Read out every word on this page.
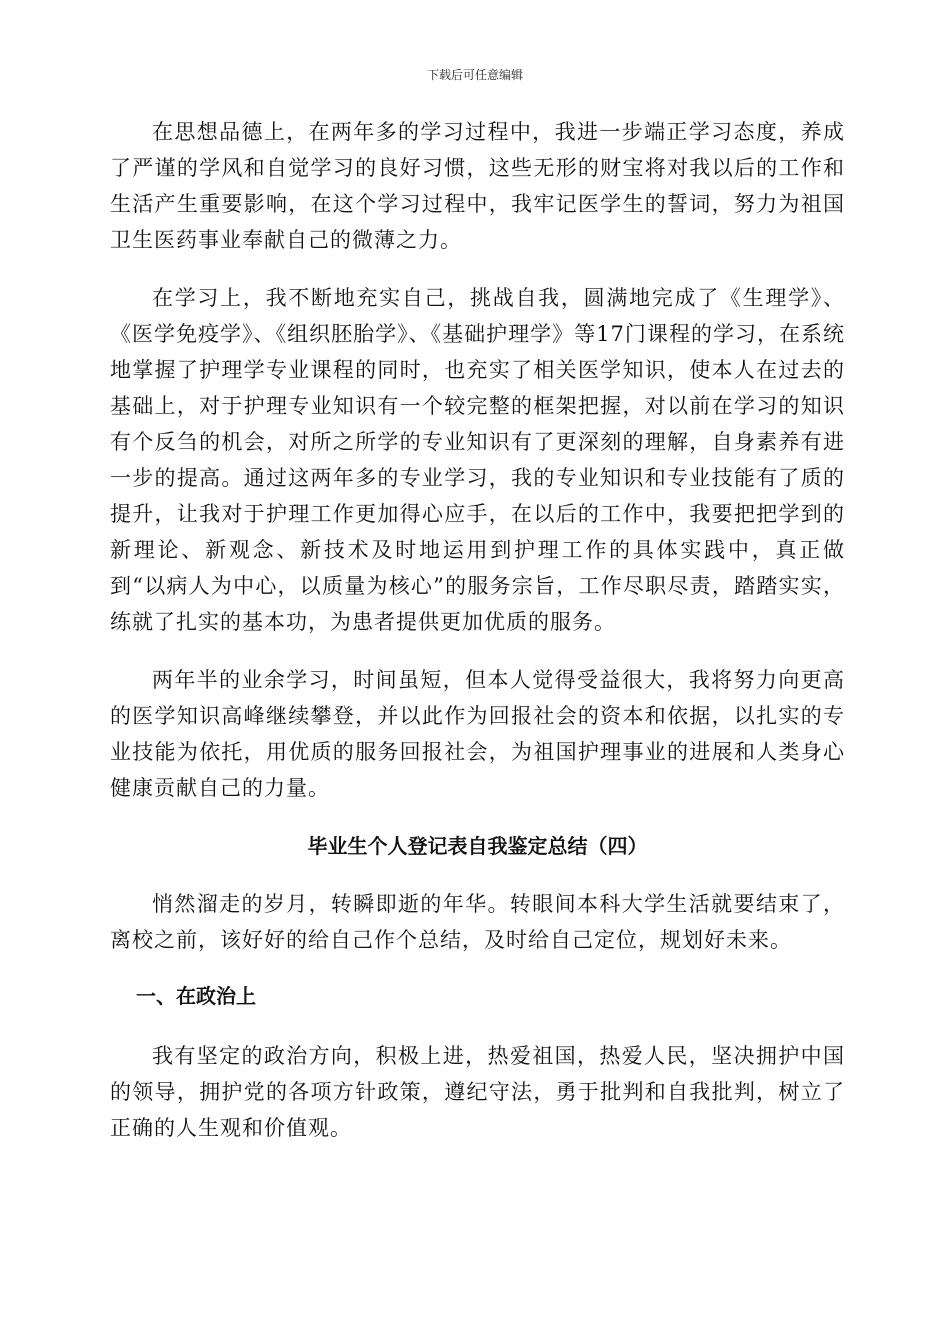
下载后可任意编辑

在思想品德上，在两年多的学习过程中，我进一步端正学习态度，养成了严谨的学风和自觉学习的良好习惯，这些无形的财宝将对我以后的工作和生活产生重要影响，在这个学习过程中，我牢记医学生的誓词，努力为祖国卫生医药事业奉献自己的微薄之力。

在学习上，我不断地充实自己，挑战自我，圆满地完成了《生理学》、《医学免疫学》、《组织胚胎学》、《基础护理学》等17门课程的学习，在系统地掌握了护理学专业课程的同时，也充实了相关医学知识，使本人在过去的基础上，对于护理专业知识有一个较完整的框架把握，对以前在学习的知识有个反刍的机会，对所之所学的专业知识有了更深刻的理解，自身素养有进一步的提高。通过这两年多的专业学习，我的专业知识和专业技能有了质的提升，让我对于护理工作更加得心应手，在以后的工作中，我要把把学到的新理论、新观念、新技术及时地运用到护理工作的具体实践中，真正做到“以病人为中心，以质量为核心”的服务宗旨，工作尽职尽责，踏踏实实，练就了扎实的基本功，为患者提供更加优质的服务。

两年半的业余学习，时间虽短，但本人觉得受益很大，我将努力向更高的医学知识高峰继续攀登，并以此作为回报社会的资本和依据，以扎实的专业技能为依托，用优质的服务回报社会，为祖国护理事业的进展和人类身心健康贡献自己的力量。

毕业生个人登记表自我鉴定总结（四）

悄然溜走的岁月，转瞬即逝的年华。转眼间本科大学生活就要结束了，离校之前，该好好的给自己作个总结，及时给自己定位，规划好未来。

一、在政治上

我有坚定的政治方向，积极上进，热爱祖国，热爱人民，坚决拥护中国的领导，拥护党的各项方针政策，遵纪守法，勇于批判和自我批判，树立了正确的人生观和价值观。
